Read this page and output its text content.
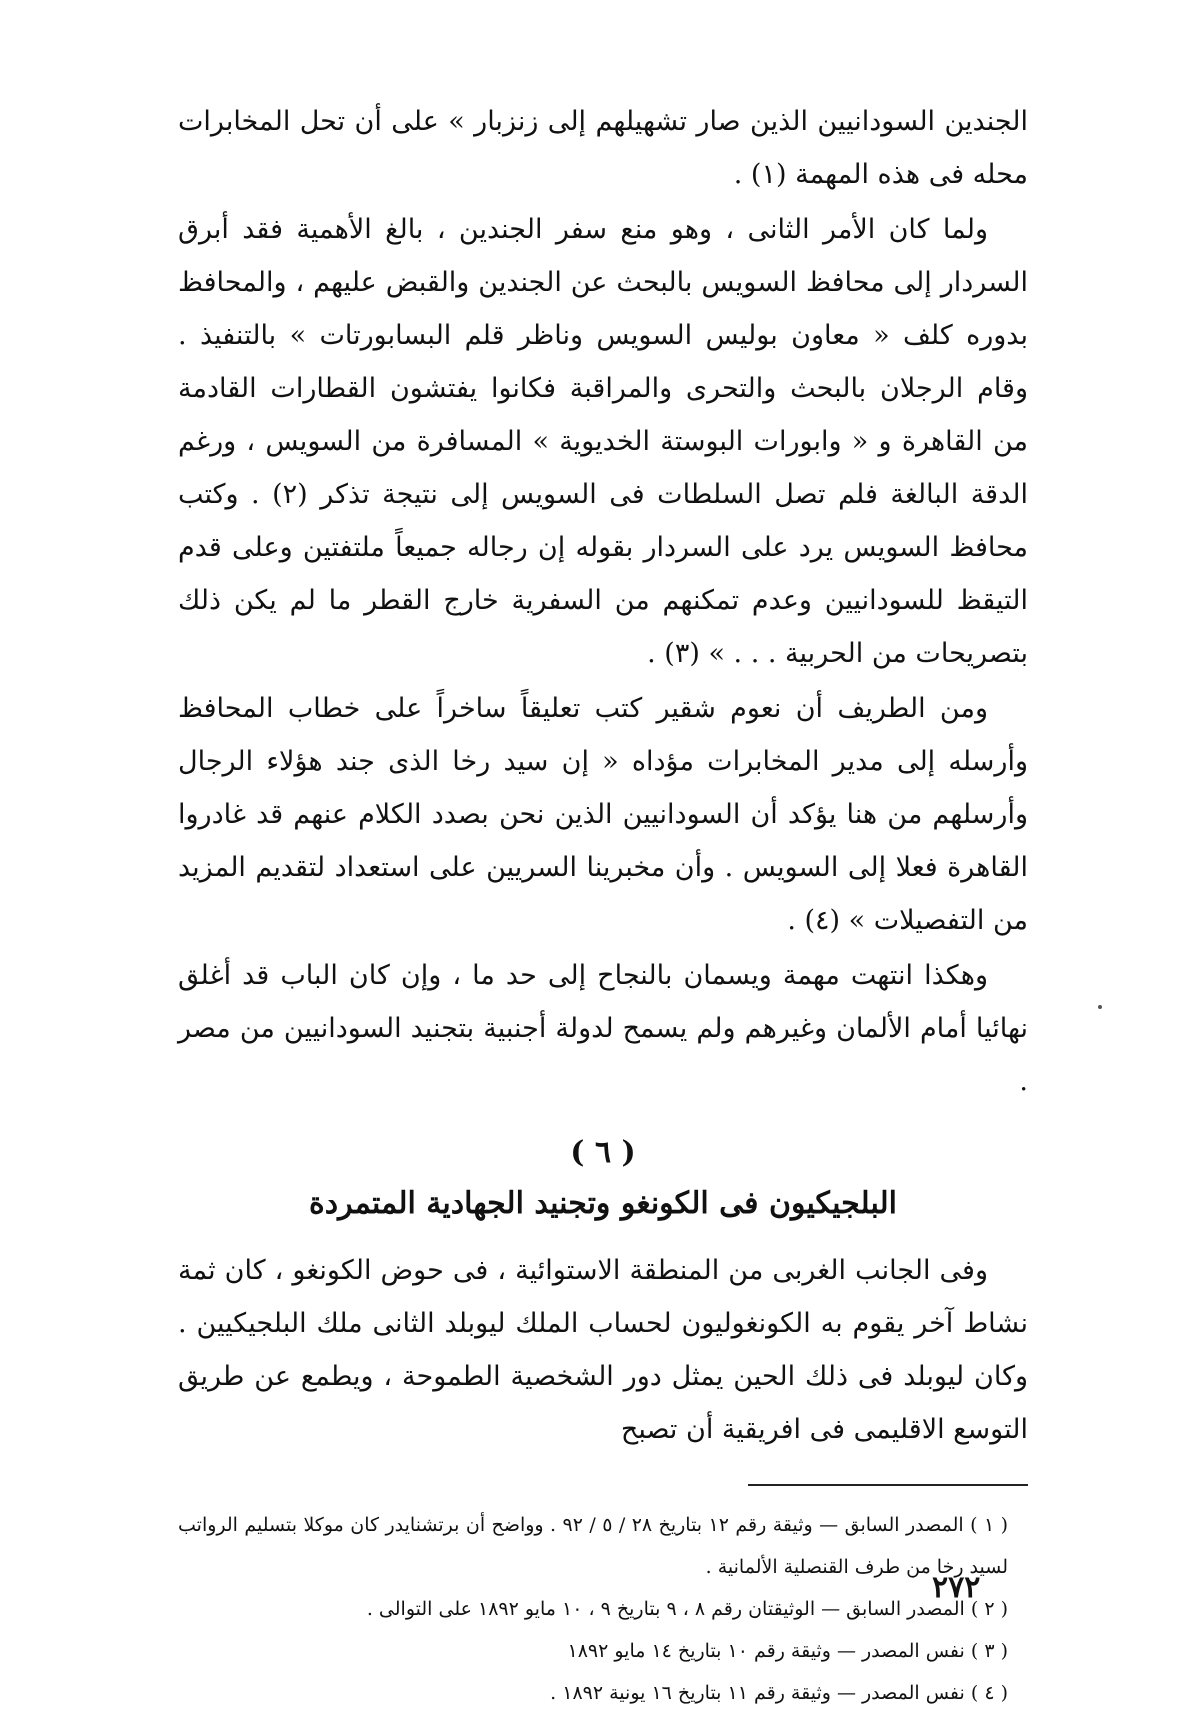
الجندين السودانيين الذين صار تشهيلهم إلى زنزبار » على أن تحل المخابرات محله فى هذه المهمة (١) .

ولما كان الأمر الثانى ، وهو منع سفر الجندين ، بالغ الأهمية فقد أبرق السردار إلى محافظ السويس بالبحث عن الجندين والقبض عليهم ، والمحافظ بدوره كلف « معاون بوليس السويس وناظر قلم البسابورتات » بالتنفيذ . وقام الرجلان بالبحث والتحرى والمراقبة فكانوا يفتشون القطارات القادمة من القاهرة و « وابورات البوستة الخديوية » المسافرة من السويس ، ورغم الدقة البالغة فلم تصل السلطات فى السويس إلى نتيجة تذكر (٢) . وكتب محافظ السويس يرد على السردار بقوله إن رجاله جميعاً ملتفتين وعلى قدم التيقظ للسودانيين وعدم تمكنهم من السفرية خارج القطر ما لم يكن ذلك بتصريحات من الحربية . . . » (٣) .

ومن الطريف أن نعوم شقير كتب تعليقاً ساخراً على خطاب المحافظ وأرسله إلى مدير المخابرات مؤداه « إن سيد رخا الذى جند هؤلاء الرجال وأرسلهم من هنا يؤكد أن السودانيين الذين نحن بصدد الكلام عنهم قد غادروا القاهرة فعلا إلى السويس . وأن مخبرينا السريين على استعداد لتقديم المزيد من التفصيلات » (٤) .

وهكذا انتهت مهمة ويسمان بالنجاح إلى حد ما ، وإن كان الباب قد أغلق نهائيا أمام الألمان وغيرهم ولم يسمح لدولة أجنبية بتجنيد السودانيين من مصر .

( ٦ )
البلجيكيون فى الكونغو وتجنيد الجهادية المتمردة

وفى الجانب الغربى من المنطقة الاستوائية ، فى حوض الكونغو ، كان ثمة نشاط آخر يقوم به الكونغوليون لحساب الملك ليوبلد الثانى ملك البلجيكيين . وكان ليوبلد فى ذلك الحين يمثل دور الشخصية الطموحة ، ويطمع عن طريق التوسع الاقليمى فى افريقية أن تصبح

( ١ ) المصدر السابق — وثيقة رقم ١٢ بتاريخ ٢٨ / ٥ / ٩٢ . وواضح أن برتشنايدر كان موكلا بتسليم الرواتب لسيد رخا من طرف القنصلية الألمانية .

( ٢ ) المصدر السابق — الوثيقتان رقم ٨ ، ٩ بتاريخ ٩ ، ١٠ مايو ١٨٩٢ على التوالى .

( ٣ ) نفس المصدر — وثيقة رقم ١٠ بتاريخ ١٤ مايو ١٨٩٢

( ٤ ) نفس المصدر — وثيقة رقم ١١ بتاريخ ١٦ يونية ١٨٩٢ .

٢٧٢
